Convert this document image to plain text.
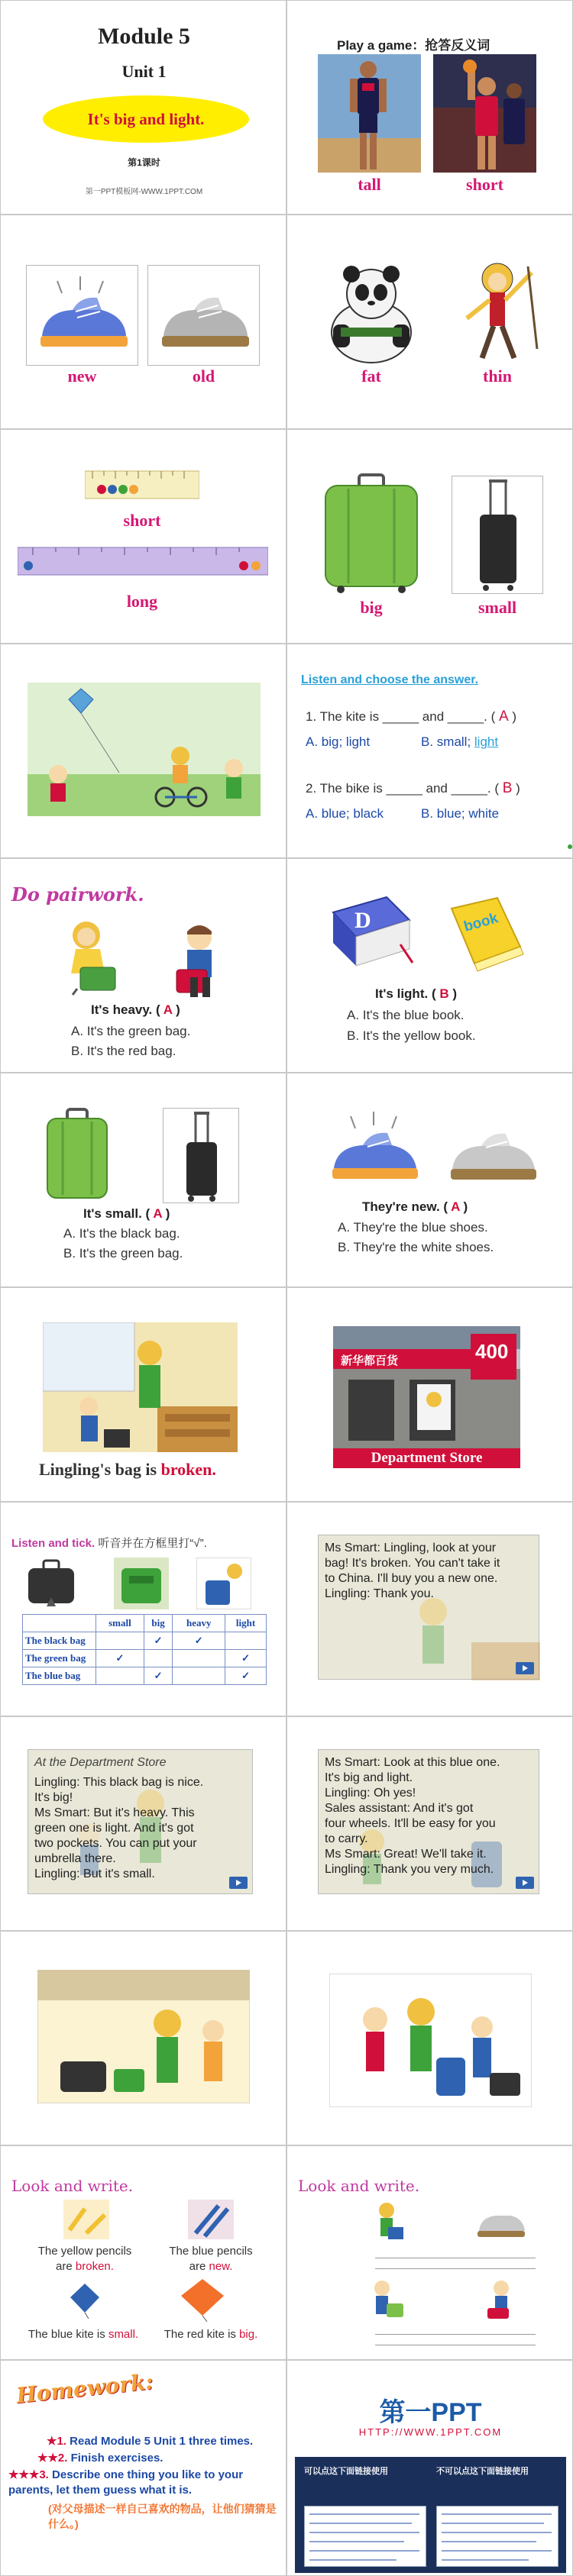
Module 5
Unit 1
It's big and light.
第1课时
第一PPT模板网-WWW.1PPT.COM
Play a game：抢答反义词
tall	short
new	old	fat	thin
short
long	big	small
Listen and choose the answer.
1. The kite is _____ and _____. ( A )
A. big; light	B. small; light
2. The bike is _____ and _____. ( B )
A. blue; black	B. blue; white
Do pairwork.
It's heavy. ( A )
A. It's the green bag.
B. It's the red bag.
D	book
It's light. ( B )
A. It's the blue book.
B. It's the yellow book.
It's small. ( A )
A. It's the black bag.
B. It's the green bag.
They're new. ( A )
A. They're the blue shoes.
B. They're the white shoes.
Lingling's bag is broken.
400
新华都百货
Department Store
Listen and tick. 听音并在方框里打“√”.
	small	big	heavy	light
The black bag		✓	✓	
The green bag	✓			✓
The blue bag		✓		✓
Ms Smart: Lingling, look at your
bag! It's broken. You can't take it
to China. I'll buy you a new one.
Lingling: Thank you.
At the Department Store
Lingling: This black bag is nice.
It's big!
Ms Smart: But it's heavy. This
green one is light. And it's got
two pockets. You can put your
umbrella there.
Lingling: But it's small.
Ms Smart: Look at this blue one.
It's big and light.
Lingling: Oh yes!
Sales assistant: And it's got
four wheels. It'll be easy for you
to carry.
Ms Smart: Great! We'll take it.
Lingling: Thank you very much.
Look and write.
The yellow pencils
are broken.
The blue pencils
are new.
The blue kite is small.	The red kite is big.
Look and write.
Homework:
★1. Read Module 5 Unit 1 three times.
★★2. Finish exercises.
★★★3. Describe one thing you like to your parents, let them guess what it is.
(对父母描述一样自己喜欢的物品，让他们猜猜是什么。)
第一PPT
HTTP://WWW.1PPT.COM
可以点这下面链接使用	不可以点这下面链接使用
